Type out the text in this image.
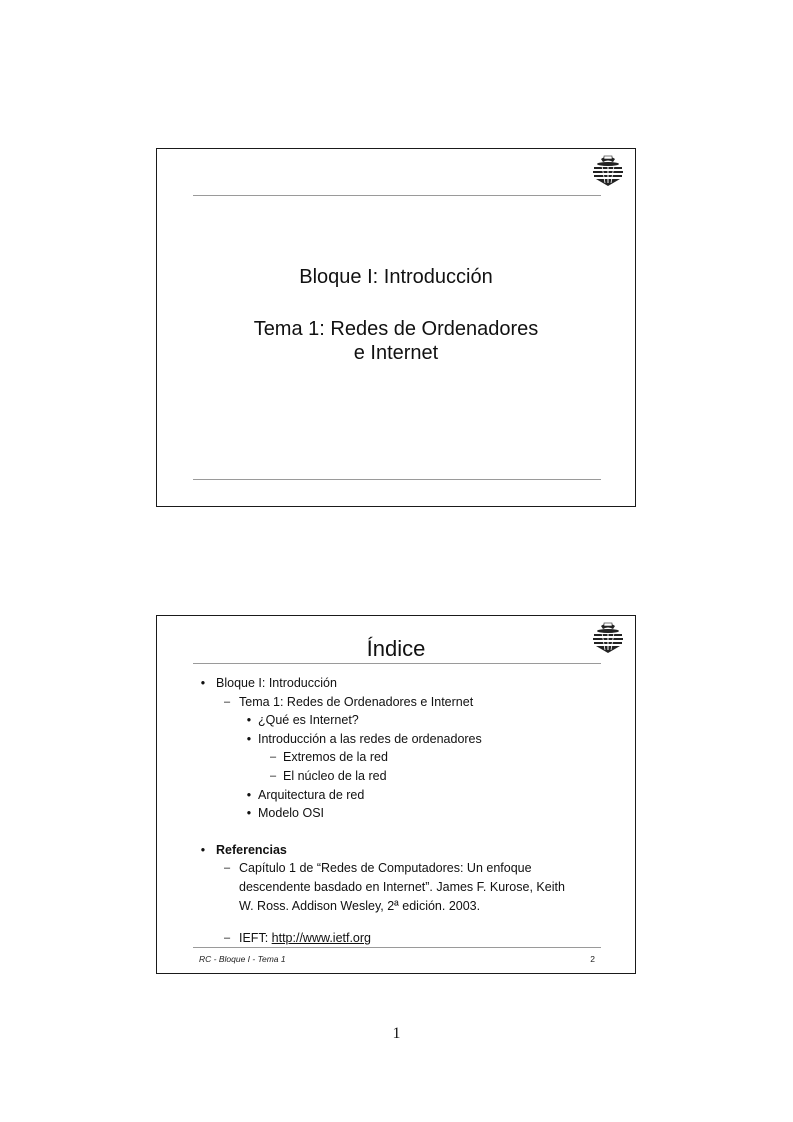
Bloque I: Introducción
Tema 1: Redes de Ordenadores
e Internet
Índice
• Bloque I: Introducción
– Tema 1: Redes de Ordenadores e Internet
• ¿Qué es Internet?
• Introducción a las redes de ordenadores
– Extremos de la red
– El núcleo de la red
• Arquitectura de red
• Modelo OSI
• Referencias
– Capítulo 1 de “Redes de Computadores: Un enfoque
descendente basdado en Internet”. James F. Kurose, Keith
W. Ross. Addison Wesley, 2ª edición. 2003.
– IEFT: http://www.ietf.org
RC - Bloque I - Tema 1	2
1
